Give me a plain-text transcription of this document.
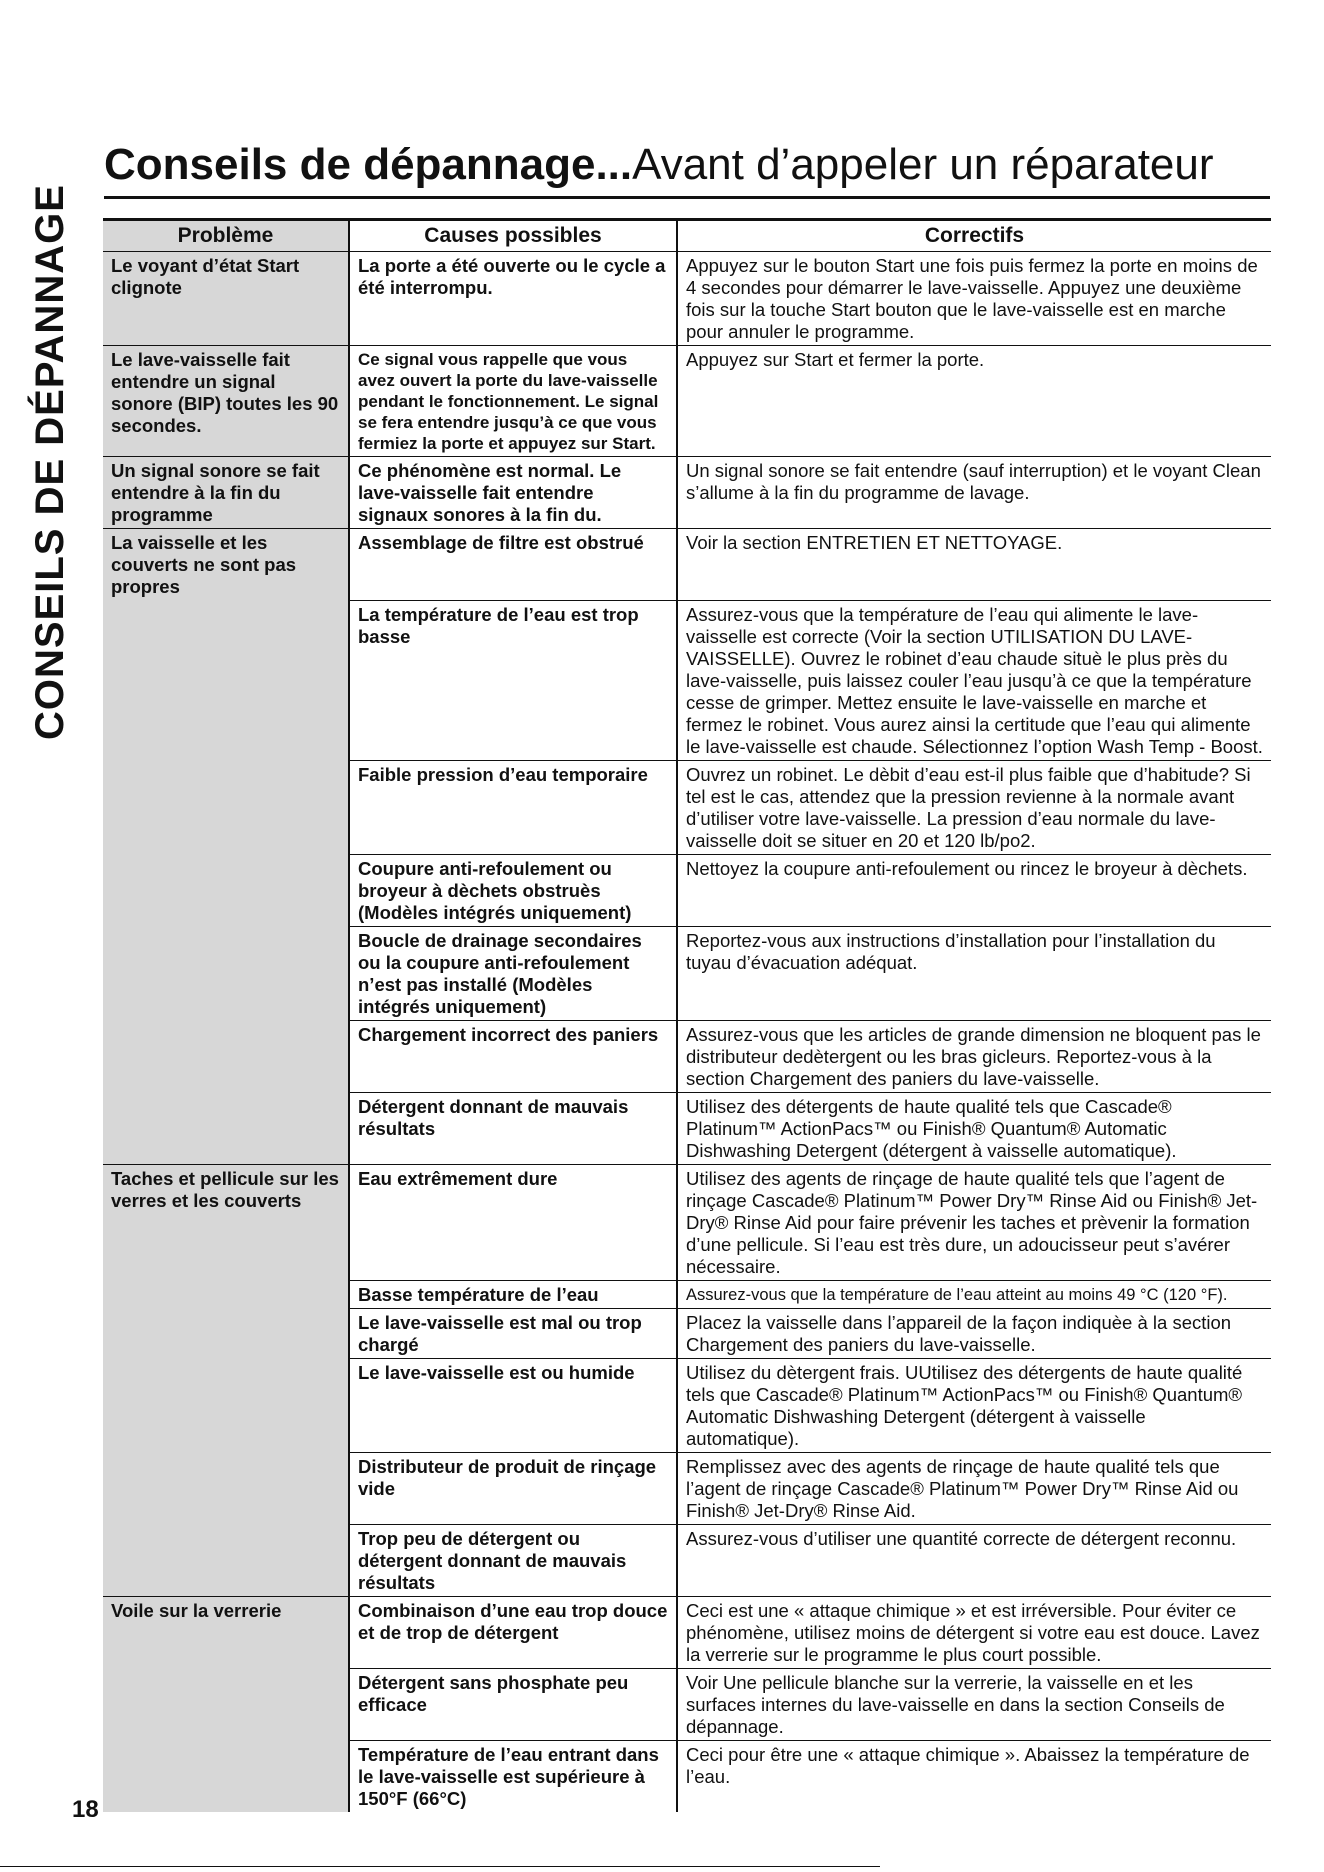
CONSEILS DE DÉPANNAGE
Conseils de dépannage...Avant d’appeler un réparateur
Problème	Causes possibles	Correctifs
Le voyant d’état Start clignote	La porte a été ouverte ou le cycle a été interrompu.	Appuyez sur le bouton Start une fois puis fermez la porte en moins de 4 secondes pour démarrer le lave-vaisselle. Appuyez une deuxième fois sur la touche Start bouton que le lave-vaisselle est en marche pour annuler le programme.
Le lave-vaisselle fait entendre un signal sonore (BIP) toutes les 90 secondes.	Ce signal vous rappelle que vous avez ouvert la porte du lave-vaisselle pendant le fonctionnement. Le signal se fera entendre jusqu’à ce que vous fermiez la porte et appuyez sur Start.	Appuyez sur Start et fermer la porte.
Un signal sonore se fait entendre à la fin du programme	Ce phénomène est normal. Le lave-vaisselle fait entendre signaux sonores à la fin du.	Un signal sonore se fait entendre (sauf interruption) et le voyant Clean s’allume à la fin du programme de lavage.
La vaisselle et les couverts ne sont pas propres	Assemblage de filtre est obstrué	Voir la section ENTRETIEN ET NETTOYAGE.
	La température de l’eau est trop basse	Assurez-vous que la température de l’eau qui alimente le lave-vaisselle est correcte (Voir la section UTILISATION DU LAVE-VAISSELLE). Ouvrez le robinet d’eau chaude situè le plus près du lave-vaisselle, puis laissez couler l’eau jusqu’à ce que la température cesse de grimper. Mettez ensuite le lave-vaisselle en marche et fermez le robinet. Vous aurez ainsi la certitude que l’eau qui alimente le lave-vaisselle est chaude. Sélectionnez l’option Wash Temp - Boost.
	Faible pression d’eau temporaire	Ouvrez un robinet. Le dèbit d’eau est-il plus faible que d’habitude? Si tel est le cas, attendez que la pression revienne à la normale avant d’utiliser votre lave-vaisselle. La pression d’eau normale du lave-vaisselle doit se situer en 20 et 120 lb/po2.
	Coupure anti-refoulement ou broyeur à dèchets obstruès (Modèles intégrés uniquement)	Nettoyez la coupure anti-refoulement ou rincez le broyeur à dèchets.
	Boucle de drainage secondaires ou la coupure anti-refoulement n’est pas installé (Modèles intégrés uniquement)	Reportez-vous aux instructions d’installation pour l’installation du tuyau d’évacuation adéquat.
	Chargement incorrect des paniers	Assurez-vous que les articles de grande dimension ne bloquent pas le distributeur dedètergent ou les bras gicleurs. Reportez-vous à la section Chargement des paniers du lave-vaisselle.
	Détergent donnant de mauvais résultats	Utilisez des détergents de haute qualité tels que Cascade® Platinum™ ActionPacs™ ou Finish® Quantum® Automatic Dishwashing Detergent (détergent à vaisselle automatique).
Taches et pellicule sur les verres et les couverts	Eau extrêmement dure	Utilisez des agents de rinçage de haute qualité tels que l’agent de rinçage Cascade® Platinum™ Power Dry™ Rinse Aid ou Finish® Jet-Dry® Rinse Aid pour faire prévenir les taches et prèvenir la formation d’une pellicule. Si l’eau est très dure, un adoucisseur peut s’avérer nécessaire.
	Basse température de l’eau	Assurez-vous que la température de l’eau atteint au moins 49 °C (120 °F).
	Le lave-vaisselle est mal ou trop chargé	Placez la vaisselle dans l’appareil de la façon indiquèe à la section Chargement des paniers du lave-vaisselle.
	Le lave-vaisselle est ou humide	Utilisez du dètergent frais. UUtilisez des détergents de haute qualité tels que Cascade® Platinum™ ActionPacs™ ou Finish® Quantum® Automatic Dishwashing Detergent (détergent à vaisselle automatique).
	Distributeur de produit de rinçage vide	Remplissez avec des agents de rinçage de haute qualité tels que l’agent de rinçage Cascade® Platinum™ Power Dry™ Rinse Aid ou Finish® Jet-Dry® Rinse Aid.
	Trop peu de détergent ou détergent donnant de mauvais résultats	Assurez-vous d’utiliser une quantité correcte de détergent reconnu.
Voile sur la verrerie	Combinaison d’une eau trop douce et de trop de détergent	Ceci est une « attaque chimique » et est irréversible. Pour éviter ce phénomène, utilisez moins de détergent si votre eau est douce. Lavez la verrerie sur le programme le plus court possible.
	Détergent sans phosphate peu efficace	Voir Une pellicule blanche sur la verrerie, la vaisselle en et les surfaces internes du lave-vaisselle en dans la section Conseils de dépannage.
	Température de l’eau entrant dans le lave-vaisselle est supérieure à 150°F (66°C)	Ceci pour être une « attaque chimique ». Abaissez la température de l’eau.
18
